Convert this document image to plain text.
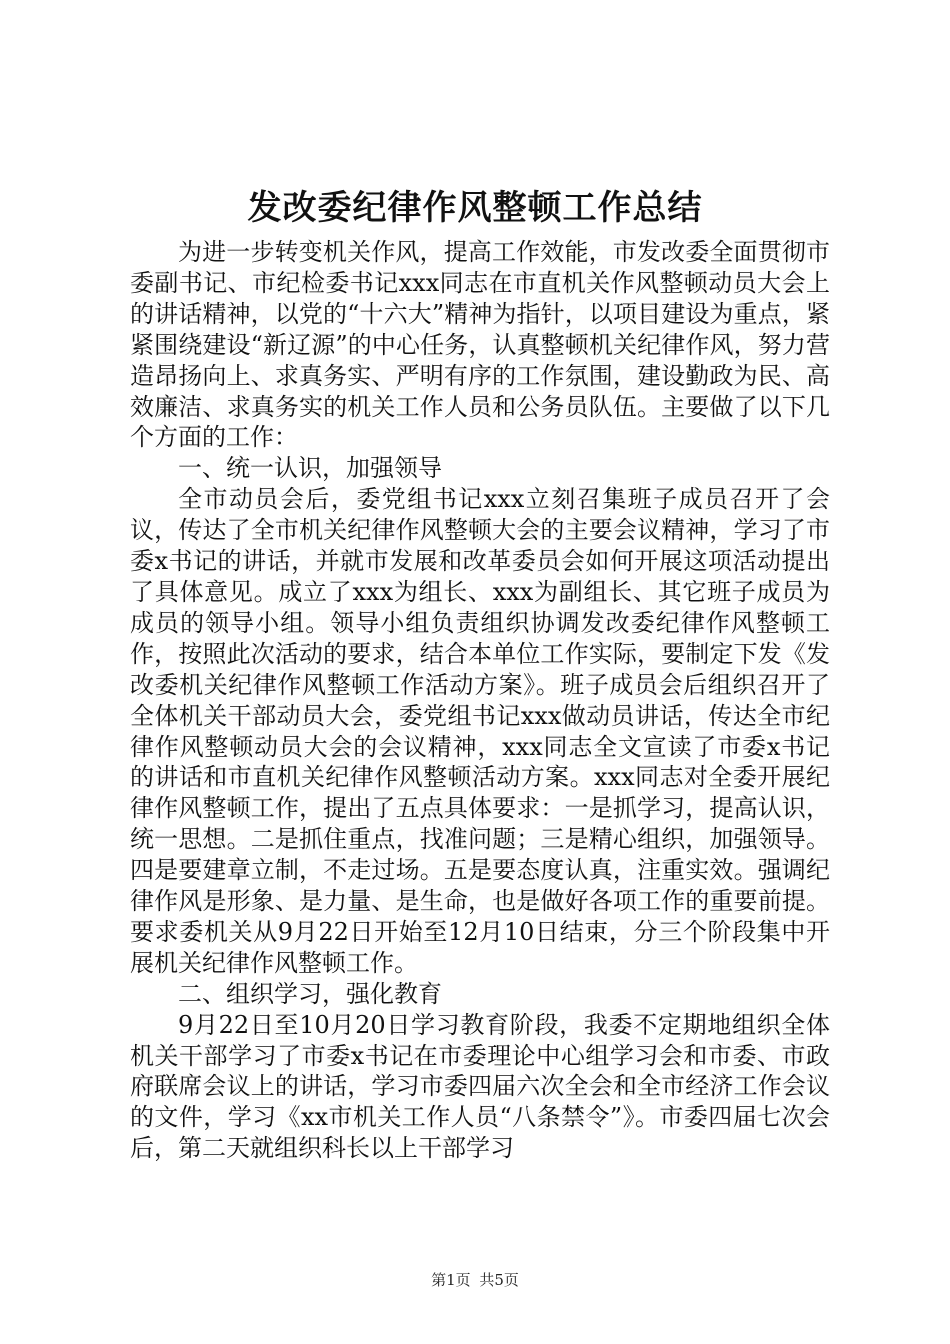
发改委纪律作风整顿工作总结

为进一步转变机关作风，提高工作效能，市发改委全面贯彻市委副书记、市纪检委书记xxx同志在市直机关作风整顿动员大会上的讲话精神，以党的“十六大”精神为指针，以项目建设为重点，紧紧围绕建设“新辽源”的中心任务，认真整顿机关纪律作风，努力营造昂扬向上、求真务实、严明有序的工作氛围，建设勤政为民、高效廉洁、求真务实的机关工作人员和公务员队伍。主要做了以下几个方面的工作：

一、统一认识，加强领导

全市动员会后，委党组书记xxx立刻召集班子成员召开了会议，传达了全市机关纪律作风整顿大会的主要会议精神，学习了市委x书记的讲话，并就市发展和改革委员会如何开展这项活动提出了具体意见。成立了xxx为组长、xxx为副组长、其它班子成员为成员的领导小组。领导小组负责组织协调发改委纪律作风整顿工作，按照此次活动的要求，结合本单位工作实际，要制定下发《发改委机关纪律作风整顿工作活动方案》。班子成员会后组织召开了全体机关干部动员大会，委党组书记xxx做动员讲话，传达全市纪律作风整顿动员大会的会议精神，xxx同志全文宣读了市委x书记的讲话和市直机关纪律作风整顿活动方案。xxx同志对全委开展纪律作风整顿工作，提出了五点具体要求：一是抓学习，提高认识，统一思想。二是抓住重点，找准问题；三是精心组织，加强领导。四是要建章立制，不走过场。五是要态度认真，注重实效。强调纪律作风是形象、是力量、是生命，也是做好各项工作的重要前提。要求委机关从9月22日开始至12月10日结束，分三个阶段集中开展机关纪律作风整顿工作。

二、组织学习，强化教育

9月22日至10月20日学习教育阶段，我委不定期地组织全体机关干部学习了市委x书记在市委理论中心组学习会和市委、市政府联席会议上的讲话，学习市委四届六次全会和全市经济工作会议的文件，学习《xx市机关工作人员“八条禁令”》。市委四届七次会后，第二天就组织科长以上干部学习

第1页 共5页
